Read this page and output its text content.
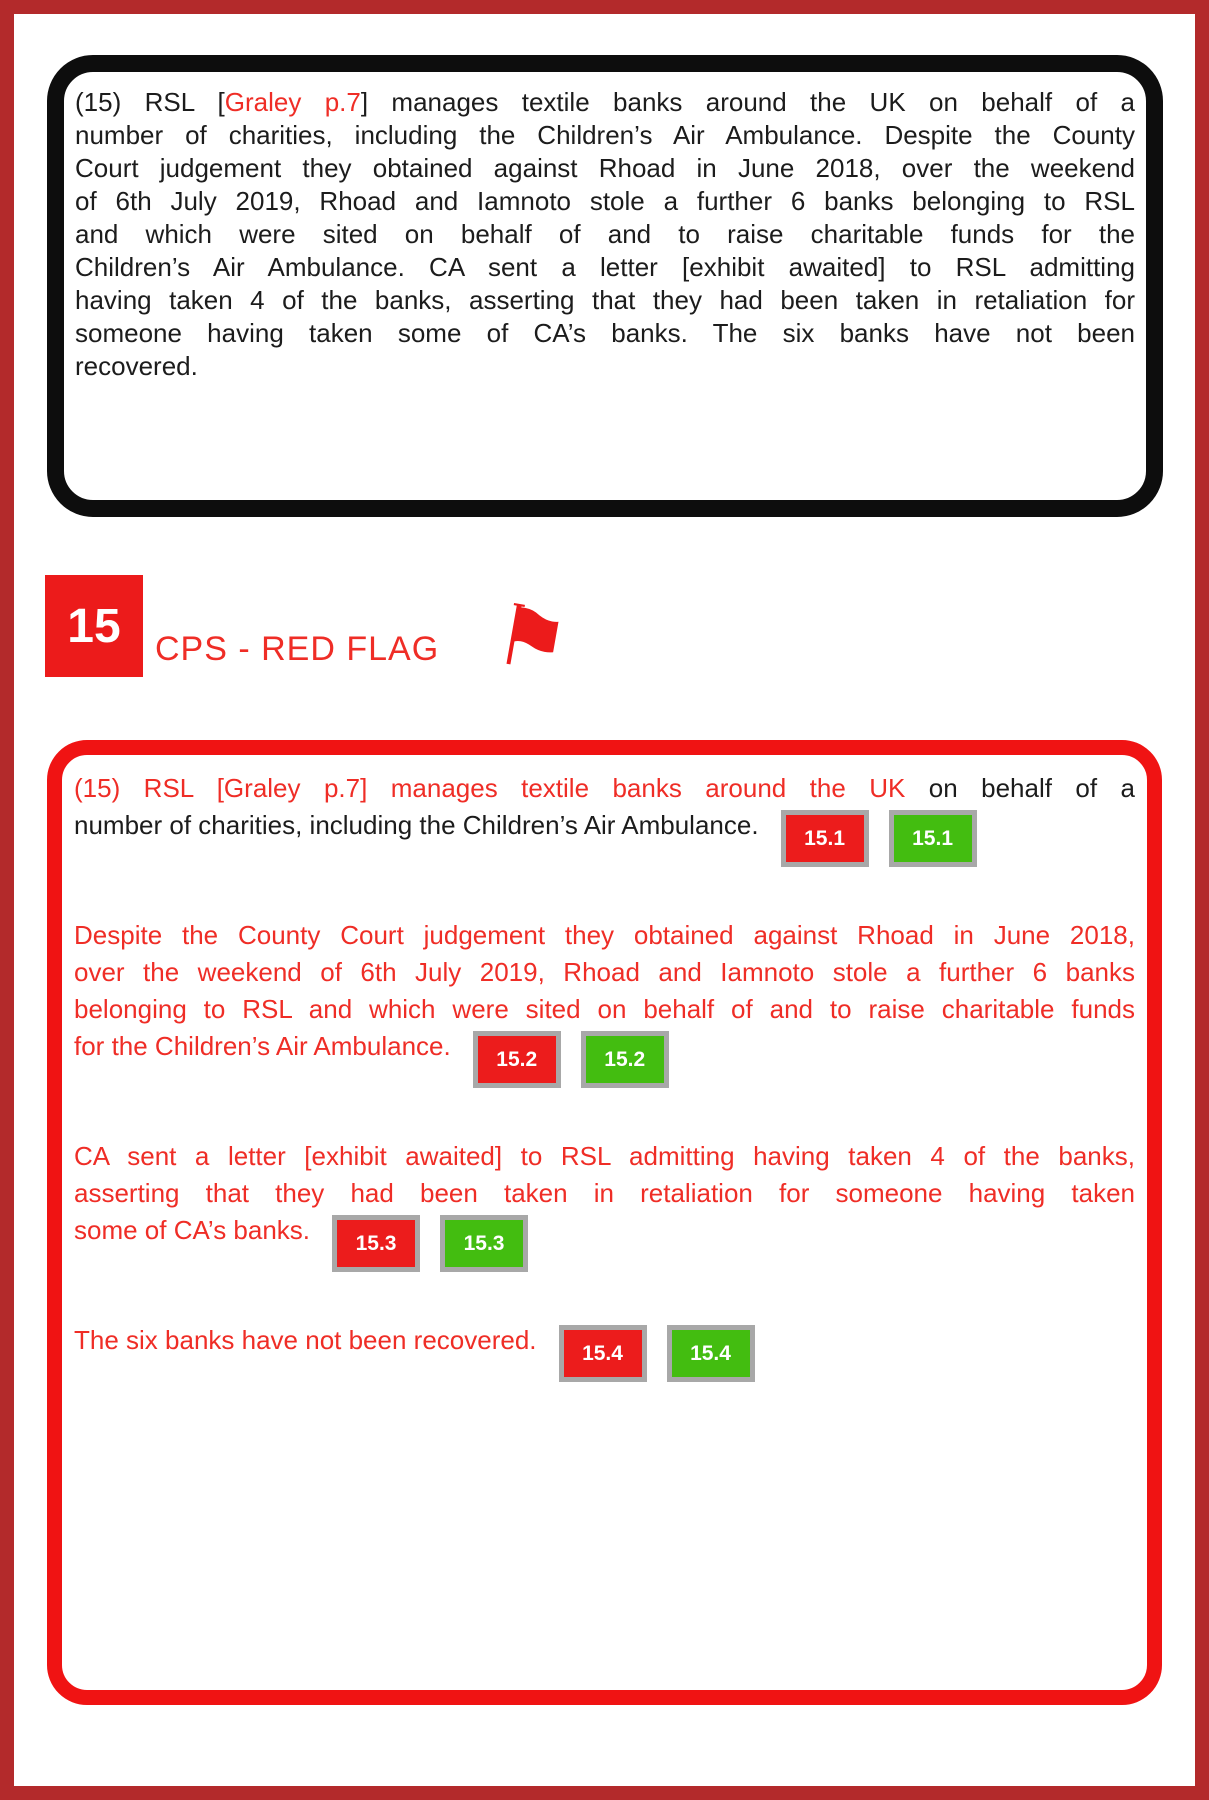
(15) RSL [Graley p.7] manages textile banks around the UK on behalf of a
number of charities, including the Children’s Air Ambulance. Despite the County
Court judgement they obtained against Rhoad in June 2018, over the weekend
of 6th July 2019, Rhoad and Iamnoto stole a further 6 banks belonging to RSL
and which were sited on behalf of and to raise charitable funds for the
Children’s Air Ambulance. CA sent a letter [exhibit awaited] to RSL admitting
having taken 4 of the banks, asserting that they had been taken in retaliation for
someone having taken some of CA’s banks. The six banks have not been
recovered.
15	CPS - RED FLAG ⚑
(15) RSL [Graley p.7] manages textile banks around the UK on behalf of a
number of charities, including the Children’s Air Ambulance. 15.1	15.1
Despite the County Court judgement they obtained against Rhoad in June 2018,
over the weekend of 6th July 2019, Rhoad and Iamnoto stole a further 6 banks
belonging to RSL and which were sited on behalf of and to raise charitable funds
for the Children’s Air Ambulance. 15.2	15.2
CA sent a letter [exhibit awaited] to RSL admitting having taken 4 of the banks,
asserting that they had been taken in retaliation for someone having taken
some of CA’s banks. 15.3	15.3
The six banks have not been recovered. 15.4	15.4
